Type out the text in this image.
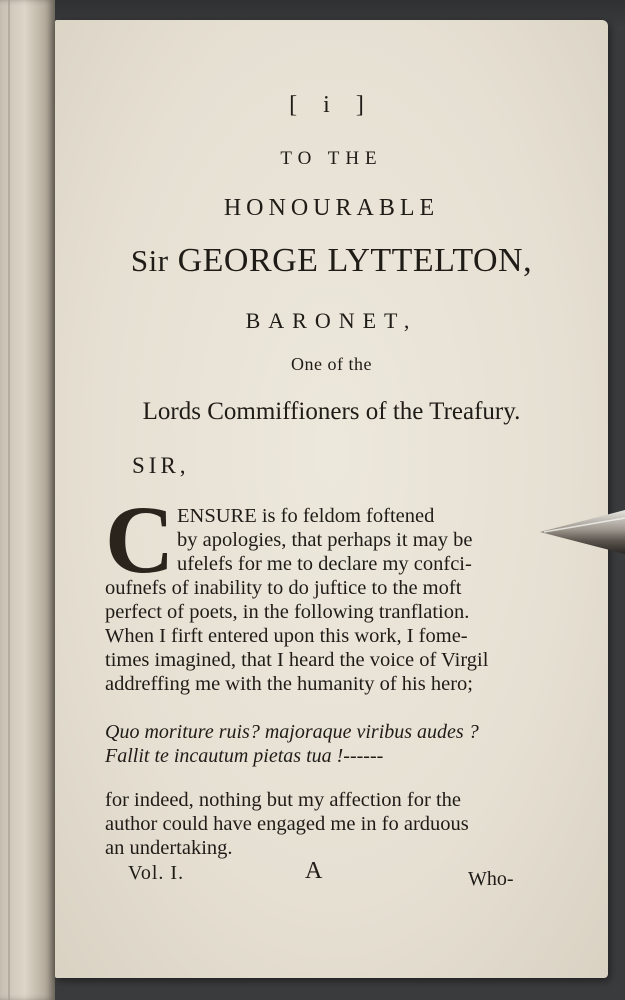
[ i ]
TO THE
HONOURABLE
Sir GEORGE LYTTELTON,
BARONET,
One of the
Lords Commiffioners of the Treafury.
SIR,
C ENSURE is fo feldom foftened
by apologies, that perhaps it may be
ufelefs for me to declare my confci-
oufnefs of inability to do juftice to the moft
perfect of poets, in the following tranflation.
When I firft entered upon this work, I fome-
times imagined, that I heard the voice of Virgil
addreffing me with the humanity of his hero;
Quo moriture ruis? majoraque viribus audes ?
Fallit te incautum pietas tua !------
for indeed, nothing but my affection for the
author could have engaged me in fo arduous
an undertaking.
Vol. I.	A	Who-
